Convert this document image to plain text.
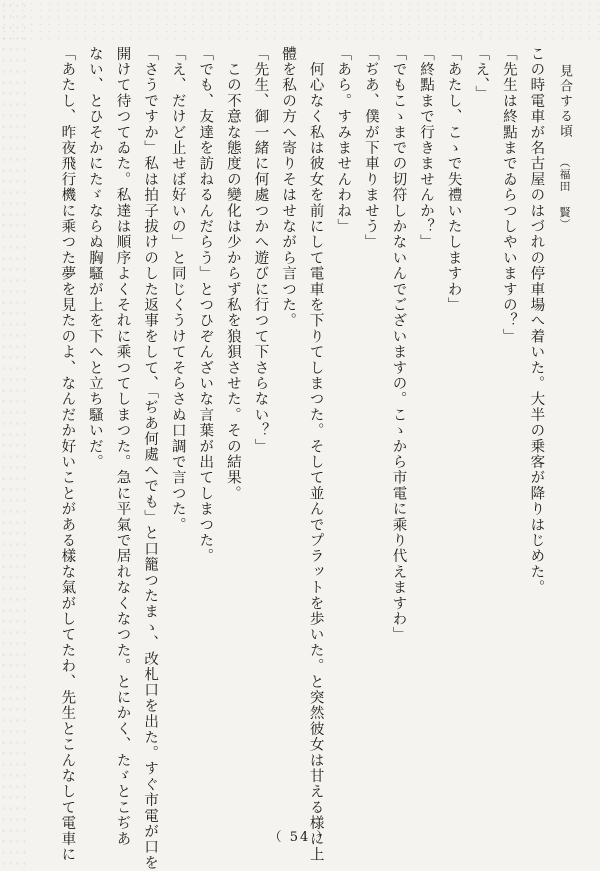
見合する頃 （福田 賢）
この時電車が名古屋のはづれの停車場へ着いた。大半の乗客が降りはじめた。
「先生は終點までゐらつしやいますの？」
「え、」
「あたし、こゝで失禮いたしますわ」
「終點まで行きませんか？」
「でもこゝまでの切符しかないんでございますの。こゝから市電に乘り代えますわ」
「ぢあ、僕が下車りませう」
「あら。すみませんわね」
　何心なく私は彼女を前にして電車を下りてしまつた。そして並んでプラットを歩いた。と突然彼女は甘える様に上
體を私の方へ寄りそはせながら言つた。
「先生、御一緒に何處つかへ遊びに行つて下さらない？」
　この不意な態度の變化は少からず私を狼狽させた。その結果。
「でも、友達を訪ねるんだらう」とつひぞんざいな言葉が出てしまつた。
「え、だけど止せば好いの」と同じくうけてそらさぬ口調で言つた。
「さうですか」私は拍子拔けのした返事をして、「ぢあ何處へでも」と口籠つたまゝ、改札口を出た。すぐ市電が口を
開けて待つてゐた。私達は順序よくそれに乘つてしまつた。急に平氣で居れなくなつた。とにかく、たゞとこぢあ
ない、とひそかにたゞならぬ胸騷が上を下へと立ち騷いだ。
「あたし、昨夜飛行機に乘つた夢を見たのよ、なんだか好いことがある樣な氣がしてたわ、先生とこんなして電車に	（ 54 ）
